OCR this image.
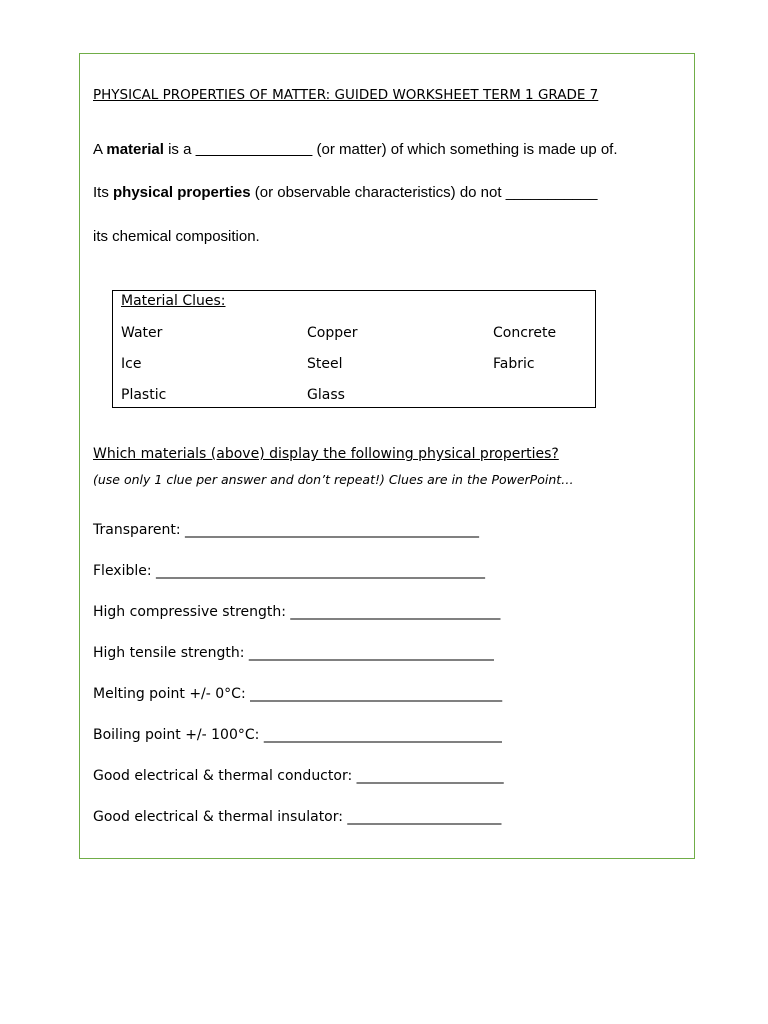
PHYSICAL PROPERTIES OF MATTER: GUIDED WORKSHEET TERM 1 GRADE 7
A material is a ______________ (or matter) of which something is made up of.
Its physical properties (or observable characteristics) do not ___________
its chemical composition.
Material Clues:
Water	Copper	Concrete
Ice	Steel	Fabric
Plastic	Glass
Which materials (above) display the following physical properties?
(use only 1 clue per answer and don’t repeat!) Clues are in the PowerPoint…
Transparent: __________________________________________
Flexible: _______________________________________________
High compressive strength: ______________________________
High tensile strength: ___________________________________
Melting point +/- 0°C: ____________________________________
Boiling point +/- 100°C: __________________________________
Good electrical & thermal conductor: _____________________
Good electrical & thermal insulator: ______________________
